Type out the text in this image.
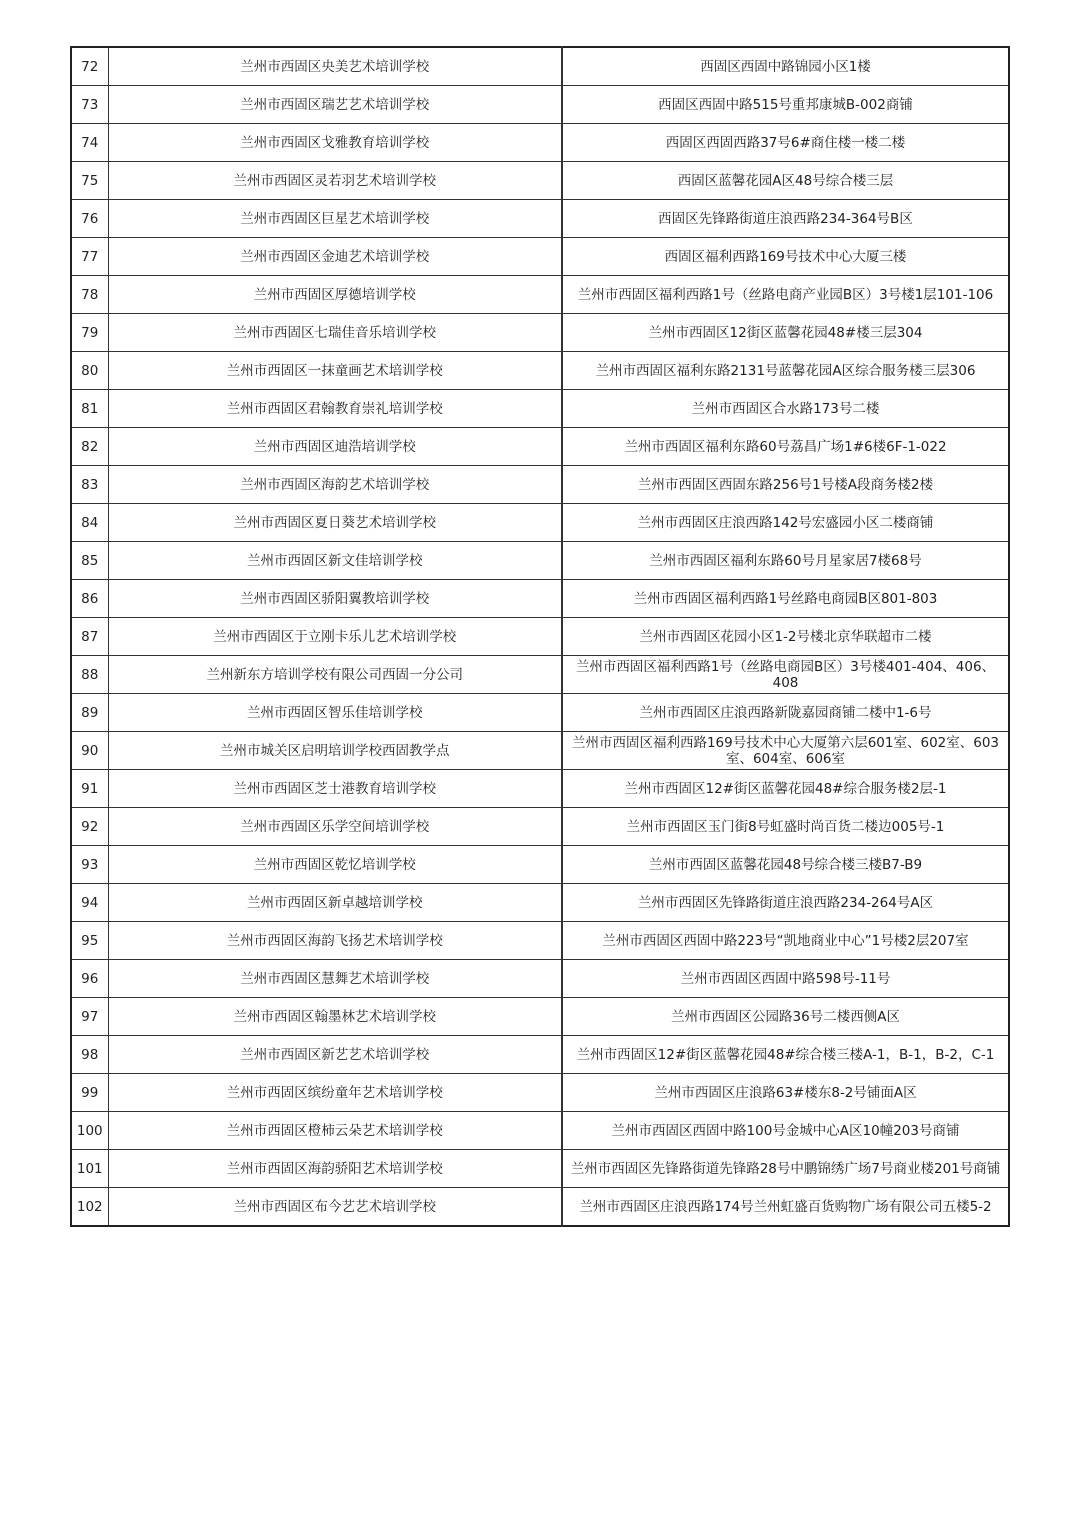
72	兰州市西固区央美艺术培训学校	西固区西固中路锦园小区1楼
73	兰州市西固区瑞艺艺术培训学校	西固区西固中路515号重邦康城B-002商铺
74	兰州市西固区戈雅教育培训学校	西固区西固西路37号6#商住楼一楼二楼
75	兰州市西固区灵若羽艺术培训学校	西固区蓝馨花园A区48号综合楼三层
76	兰州市西固区巨星艺术培训学校	西固区先锋路街道庄浪西路234-364号B区
77	兰州市西固区金迪艺术培训学校	西固区福利西路169号技术中心大厦三楼
78	兰州市西固区厚德培训学校	兰州市西固区福利西路1号（丝路电商产业园B区）3号楼1层101-106
79	兰州市西固区七瑞佳音乐培训学校	兰州市西固区12街区蓝馨花园48#楼三层304
80	兰州市西固区一抹童画艺术培训学校	兰州市西固区福利东路2131号蓝馨花园A区综合服务楼三层306
81	兰州市西固区君翰教育崇礼培训学校	兰州市西固区合水路173号二楼
82	兰州市西固区迪浩培训学校	兰州市西固区福利东路60号荔昌广场1#6楼6F-1-022
83	兰州市西固区海韵艺术培训学校	兰州市西固区西固东路256号1号楼A段商务楼2楼
84	兰州市西固区夏日葵艺术培训学校	兰州市西固区庄浪西路142号宏盛园小区二楼商铺
85	兰州市西固区新文佳培训学校	兰州市西固区福利东路60号月星家居7楼68号
86	兰州市西固区骄阳翼教培训学校	兰州市西固区福利西路1号丝路电商园B区801-803
87	兰州市西固区于立刚卡乐儿艺术培训学校	兰州市西固区花园小区1-2号楼北京华联超市二楼
88	兰州新东方培训学校有限公司西固一分公司	兰州市西固区福利西路1号（丝路电商园B区）3号楼401-404、406、408
89	兰州市西固区智乐佳培训学校	兰州市西固区庄浪西路新陇嘉园商铺二楼中1-6号
90	兰州市城关区启明培训学校西固教学点	兰州市西固区福利西路169号技术中心大厦第六层601室、602室、603室、604室、606室
91	兰州市西固区芝士港教育培训学校	兰州市西固区12#街区蓝馨花园48#综合服务楼2层-1
92	兰州市西固区乐学空间培训学校	兰州市西固区玉门街8号虹盛时尚百货二楼边005号-1
93	兰州市西固区乾忆培训学校	兰州市西固区蓝馨花园48号综合楼三楼B7-B9
94	兰州市西固区新卓越培训学校	兰州市西固区先锋路街道庄浪西路234-264号A区
95	兰州市西固区海韵飞扬艺术培训学校	兰州市西固区西固中路223号“凯地商业中心”1号楼2层207室
96	兰州市西固区慧舞艺术培训学校	兰州市西固区西固中路598号-11号
97	兰州市西固区翰墨林艺术培训学校	兰州市西固区公园路36号二楼西侧A区
98	兰州市西固区新艺艺术培训学校	兰州市西固区12#街区蓝馨花园48#综合楼三楼A-1，B-1，B-2，C-1
99	兰州市西固区缤纷童年艺术培训学校	兰州市西固区庄浪路63#楼东8-2号铺面A区
100	兰州市西固区橙柿云朵艺术培训学校	兰州市西固区西固中路100号金城中心A区10幢203号商铺
101	兰州市西固区海韵骄阳艺术培训学校	兰州市西固区先锋路街道先锋路28号中鹏锦绣广场7号商业楼201号商铺
102	兰州市西固区布今艺艺术培训学校	兰州市西固区庄浪西路174号兰州虹盛百货购物广场有限公司五楼5-2
